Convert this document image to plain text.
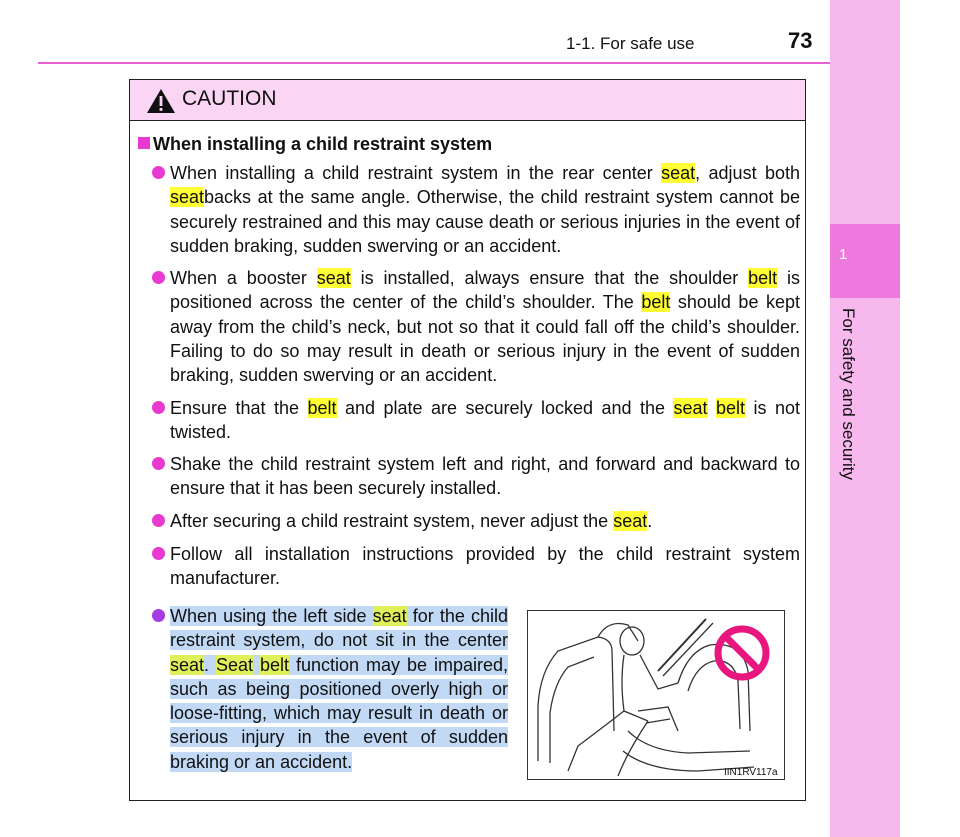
1-1. For safe use	73
1
For safety and security
CAUTION
When installing a child restraint system
When installing a child restraint system in the rear center seat, adjust both seatbacks at the same angle. Otherwise, the child restraint system cannot be securely restrained and this may cause death or serious injuries in the event of sudden braking, sudden swerving or an accident.
When a booster seat is installed, always ensure that the shoulder belt is positioned across the center of the child’s shoulder. The belt should be kept away from the child’s neck, but not so that it could fall off the child’s shoulder. Failing to do so may result in death or serious injury in the event of sudden braking, sudden swerving or an accident.
Ensure that the belt and plate are securely locked and the seat belt is not twisted.
Shake the child restraint system left and right, and forward and backward to ensure that it has been securely installed.
After securing a child restraint system, never adjust the seat.
Follow all installation instructions provided by the child restraint system manufacturer.
When using the left side seat for the child restraint system, do not sit in the center seat. Seat belt function may be impaired, such as being positioned overly high or loose-fitting, which may result in death or serious injury in the event of sudden braking or an accident.
IIN1RV117a
